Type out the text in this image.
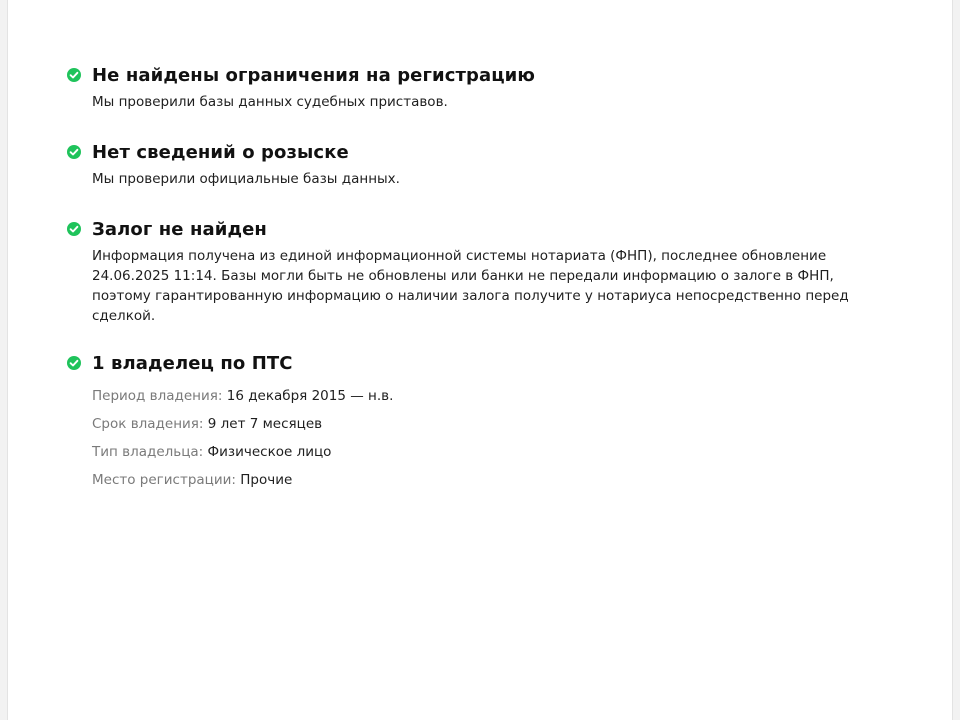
Не найдены ограничения на регистрацию
Мы проверили базы данных судебных приставов.
Нет сведений о розыске
Мы проверили официальные базы данных.
Залог не найден
Информация получена из единой информационной системы нотариата (ФНП), последнее обновление 24.06.2025 11:14. Базы могли быть не обновлены или банки не передали информацию о залоге в ФНП, поэтому гарантированную информацию о наличии залога получите у нотариуса непосредственно перед сделкой.
1 владелец по ПТС
Период владения: 16 декабря 2015 — н.в.
Срок владения: 9 лет 7 месяцев
Тип владельца: Физическое лицо
Место регистрации: Прочие
